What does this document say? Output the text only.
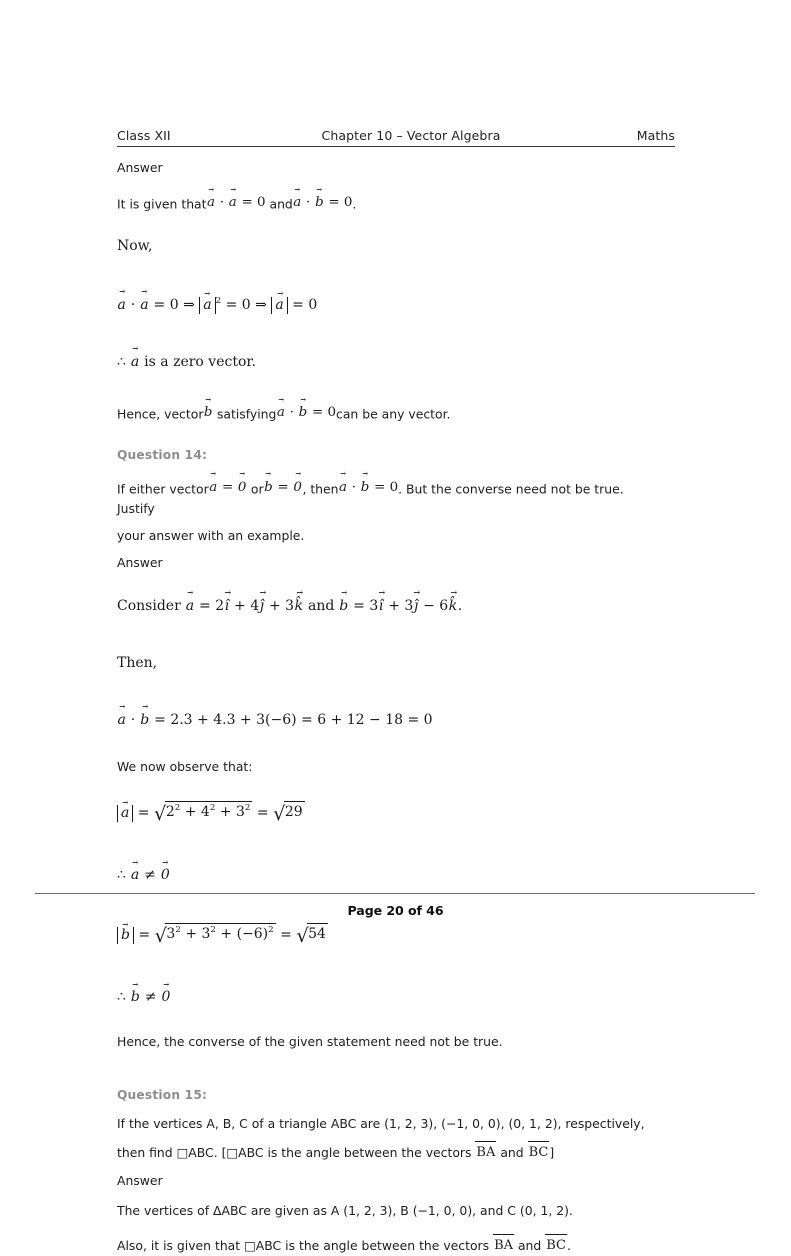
Class XII	Chapter 10 – Vector Algebra	Maths

Answer

It is given thata → · a → = 0 anda → · b → = 0.

Now,

a → · a → = 0 ⇒ a → $^2$ = 0 ⇒ a → = 0

∴ a → is a zero vector.

Hence, vectorb → satisfyinga → · b → = 0can be any vector.

Question 14:

If either vectora → = 0 → orb → = 0 →, thena → · b → = 0. But the converse need not be true. Justify

your answer with an example.

Answer

Consider a → = 2î → + 4ĵ → + 3k̂ → and b → = 3î → + 3ĵ → − 6k̂ →.

Then,

a → · b → = 2.3 + 4.3 + 3(−6) = 6 + 12 − 18 = 0

We now observe that:

a → = $√2^2 + 4^2 + 3^2 = √29$

∴ a → ≠ 0 →

b → = $√3^2 + 3^2 + (-6)^2 = √54$

∴ b → ≠ 0 →

Hence, the converse of the given statement need not be true.

Question 15:

If the vertices A, B, C of a triangle ABC are (1, 2, 3), (−1, 0, 0), (0, 1, 2), respectively,

then find □ABC. [□ABC is the angle between the vectors BA and BC]

Answer

The vertices of ΔABC are given as A (1, 2, 3), B (−1, 0, 0), and C (0, 1, 2).

Also, it is given that □ABC is the angle between the vectors BA and BC.

Page 20 of 46
